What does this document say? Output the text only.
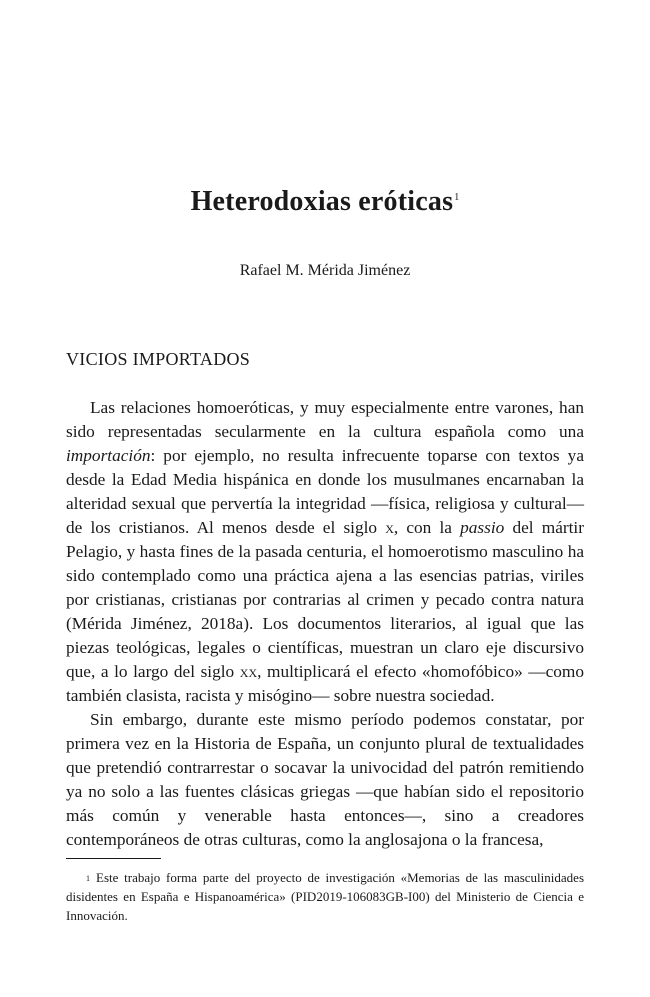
Heterodoxias eróticas$^1$
Rafael M. Mérida Jiménez
VICIOS IMPORTADOS

Las relaciones homoeróticas, y muy especialmente entre varones, han sido representadas secularmente en la cultura española como una importación: por ejemplo, no resulta infrecuente toparse con textos ya desde la Edad Media hispánica en donde los musulmanes encarnaban la alteridad sexual que pervertía la integridad —física, religiosa y cultural— de los cristianos. Al menos desde el siglo x, con la passio del mártir Pelagio, y hasta fines de la pasada centuria, el homoerotismo masculino ha sido contemplado como una práctica ajena a las esencias patrias, viriles por cristianas, cristianas por contrarias al crimen y pecado contra natura (Mérida Jiménez, 2018a). Los documentos literarios, al igual que las piezas teológicas, legales o científicas, muestran un claro eje discursivo que, a lo largo del siglo xx, multiplicará el efecto «homofóbico» —como también clasista, racista y misógino— sobre nuestra sociedad.

Sin embargo, durante este mismo período podemos constatar, por primera vez en la Historia de España, un conjunto plural de textualidades que pretendió contrarrestar o socavar la univocidad del patrón remitiendo ya no solo a las fuentes clásicas griegas —que habían sido el repositorio más común y venerable hasta entonces—, sino a creadores contemporáneos de otras culturas, como la anglosajona o la francesa,

$^1$ Este trabajo forma parte del proyecto de investigación «Memorias de las masculinidades disidentes en España e Hispanoamérica» (PID2019-106083GB-I00) del Ministerio de Ciencia e Innovación.
